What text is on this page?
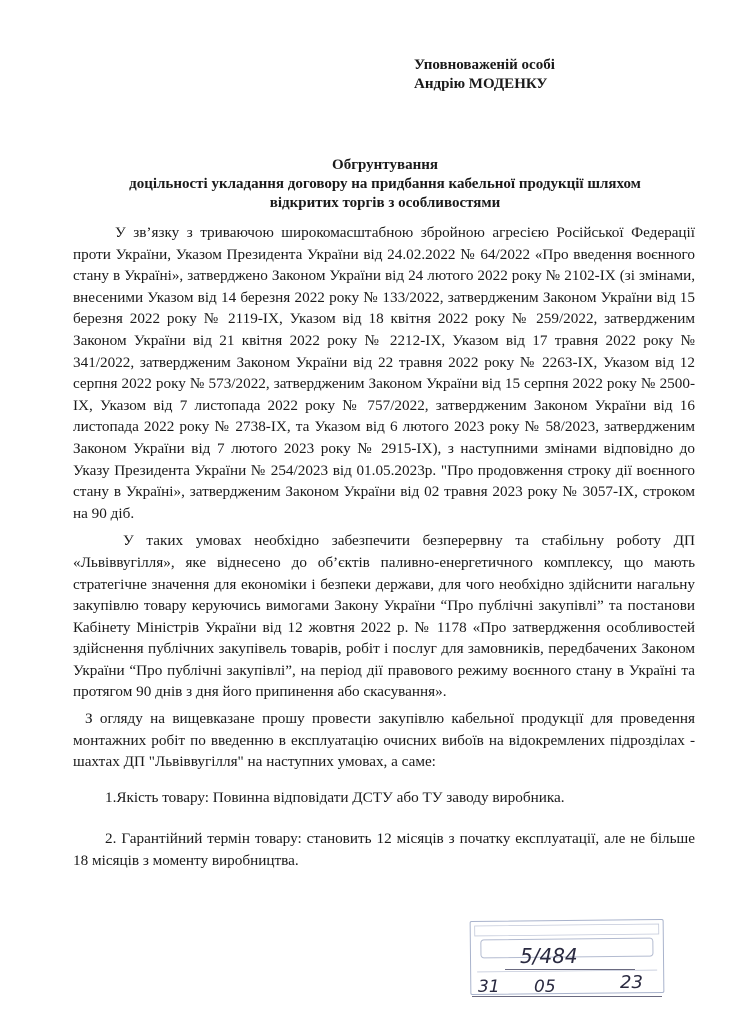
Уповноваженій особі
Андрію МОДЕНКУ
Обгрунтування
доцільності укладання договору на придбання кабельної продукції шляхом
відкритих торгів з особливостями

У зв’язку з триваючою широкомасштабною збройною агресією Російської Федерації проти України, Указом Президента України від 24.02.2022 № 64/2022 «Про введення воєнного стану в Україні», затверджено Законом України від 24 лютого 2022 року № 2102-IX (зі змінами, внесеними Указом від 14 березня 2022 року № 133/2022, затвердженим Законом України від 15 березня 2022 року № 2119-IX, Указом від 18 квітня 2022 року № 259/2022, затвердженим Законом України від 21 квітня 2022 року № 2212-IX, Указом від 17 травня 2022 року № 341/2022, затвердженим Законом України від 22 травня 2022 року № 2263-IX, Указом від 12 серпня 2022 року № 573/2022, затвердженим Законом України від 15 серпня 2022 року № 2500-IX, Указом від 7 листопада 2022 року № 757/2022, затвердженим Законом України від 16 листопада 2022 року № 2738-IX, та Указом від 6 лютого 2023 року № 58/2023, затвердженим Законом України від 7 лютого 2023 року № 2915-IX), з наступними змінами відповідно до Указу Президента України № 254/2023 від 01.05.2023р. "Про продовження строку дії воєнного стану в Україні», затвердженим Законом України від 02 травня 2023 року № 3057-IX, строком на 90 діб.

У таких умовах необхідно забезпечити безперервну та стабільну роботу ДП «Львіввугілля», яке віднесено до об’єктів паливно-енергетичного комплексу, що мають стратегічне значення для економіки і безпеки держави, для чого необхідно здійснити нагальну закупівлю товару керуючись вимогами Закону України “Про публічні закупівлі” та постанови Кабінету Міністрів України від 12 жовтня 2022 р. № 1178 «Про затвердження особливостей здійснення публічних закупівель товарів, робіт і послуг для замовників, передбачених Законом України “Про публічні закупівлі”, на період дії правового режиму воєнного стану в Україні та протягом 90 днів з дня його припинення або скасування».

З огляду на вищевказане прошу провести закупівлю кабельної продукції для проведення монтажних робіт по введенню в експлуатацію очисних вибоїв на відокремлених підрозділах - шахтах ДП "Львіввугілля" на наступних умовах, а саме:

1.Якість товару: Повинна відповідати ДСТУ або ТУ заводу виробника.

2. Гарантійний термін товару: становить 12 місяців з початку експлуатації, але не більше 18 місяців з моменту виробництва.

5/484
31 05	23
